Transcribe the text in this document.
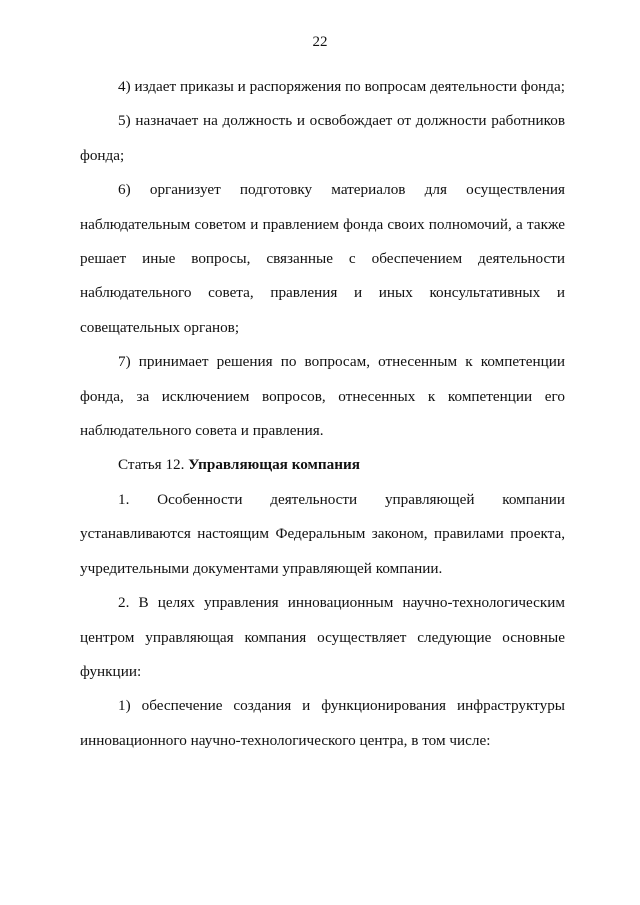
22

4) издает приказы и распоряжения по вопросам деятельности фонда;

5) назначает на должность и освобождает от должности работников фонда;

6) организует подготовку материалов для осуществления наблюдательным советом и правлением фонда своих полномочий, а также решает иные вопросы, связанные с обеспечением деятельности наблюдательного совета, правления и иных консультативных и совещательных органов;

7) принимает решения по вопросам, отнесенным к компетенции фонда, за исключением вопросов, отнесенных к компетенции его наблюдательного совета и правления.

Статья 12. Управляющая компания

1. Особенности деятельности управляющей компании устанавливаются настоящим Федеральным законом, правилами проекта, учредительными документами управляющей компании.

2. В целях управления инновационным научно-технологическим центром управляющая компания осуществляет следующие основные функции:

1) обеспечение создания и функционирования инфраструктуры инновационного научно-технологического центра, в том числе:
